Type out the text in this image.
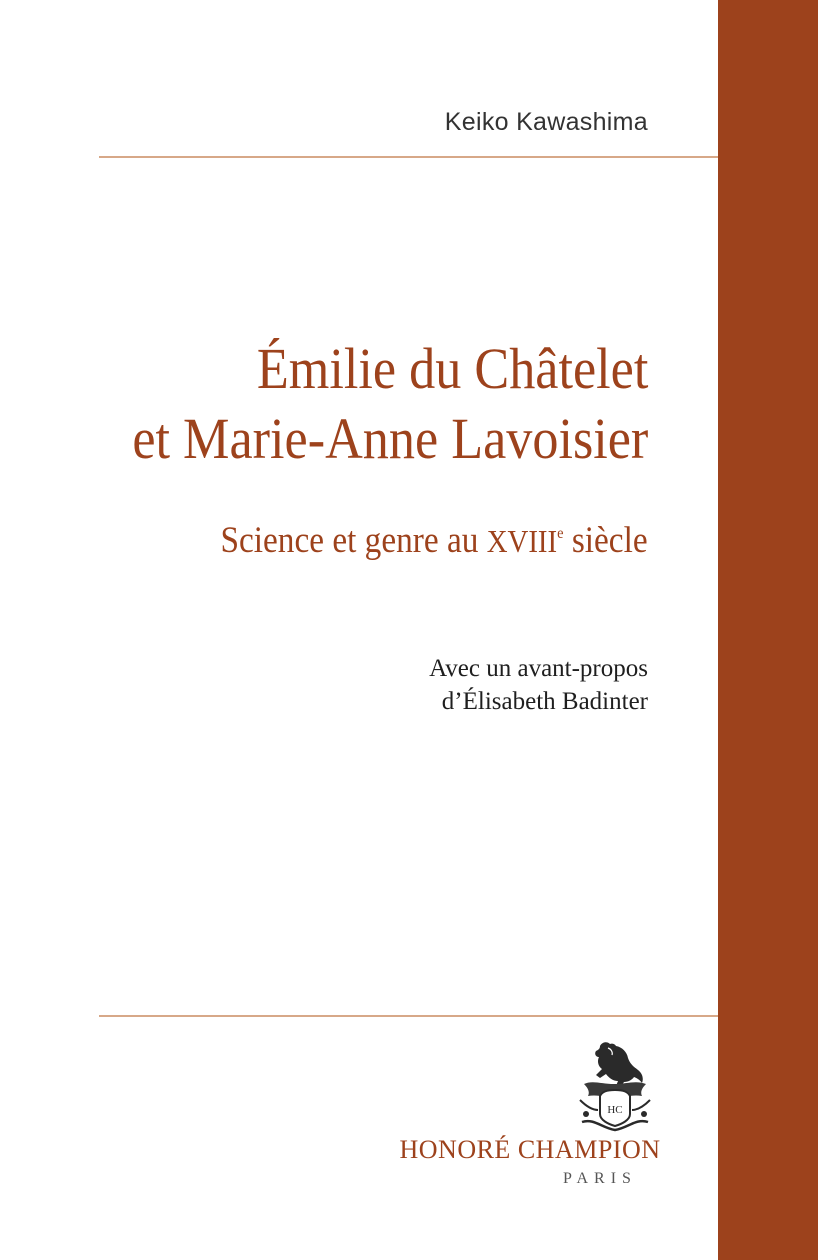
Keiko Kawashima
Émilie du Châtelet
et Marie-Anne Lavoisier
Science et genre au XVIIIe siècle
Avec un avant-propos
d’Élisabeth Badinter
HC
HONORÉ CHAMPION
PARIS
